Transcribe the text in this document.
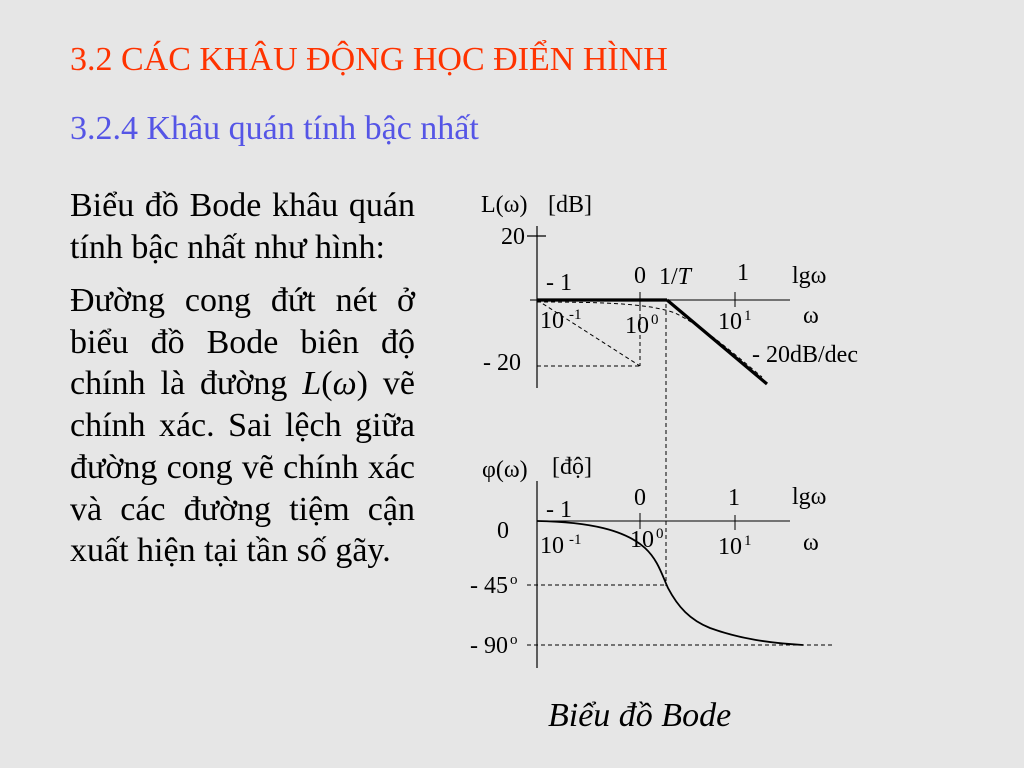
3.2 CÁC KHÂU ĐỘNG HỌC ĐIỂN HÌNH
3.2.4 Khâu quán tính bậc nhất
Biểu đồ Bode khâu quán
tính bậc nhất như hình:
Đường cong đứt nét ở
biểu đồ Bode biên độ
chính là đường L(ω) vẽ
chính xác. Sai lệch giữa
đường cong vẽ chính xác
và các đường tiệm cận
xuất hiện tại tần số gãy.
L(ω) [dB]
20
- 20
- 1	0	1
1/T	lgω
10 $^{-1}$ 10 $^0$ 10 $^1$ ω
- 20dB/dec
φ(ω) [độ]
- 1	0	1 lgω
0
10 $^{-1}$ 10 $^0$ 10 $^1$ ω
- 45 $^o$
- 90 $^o$
Biểu đồ Bode
